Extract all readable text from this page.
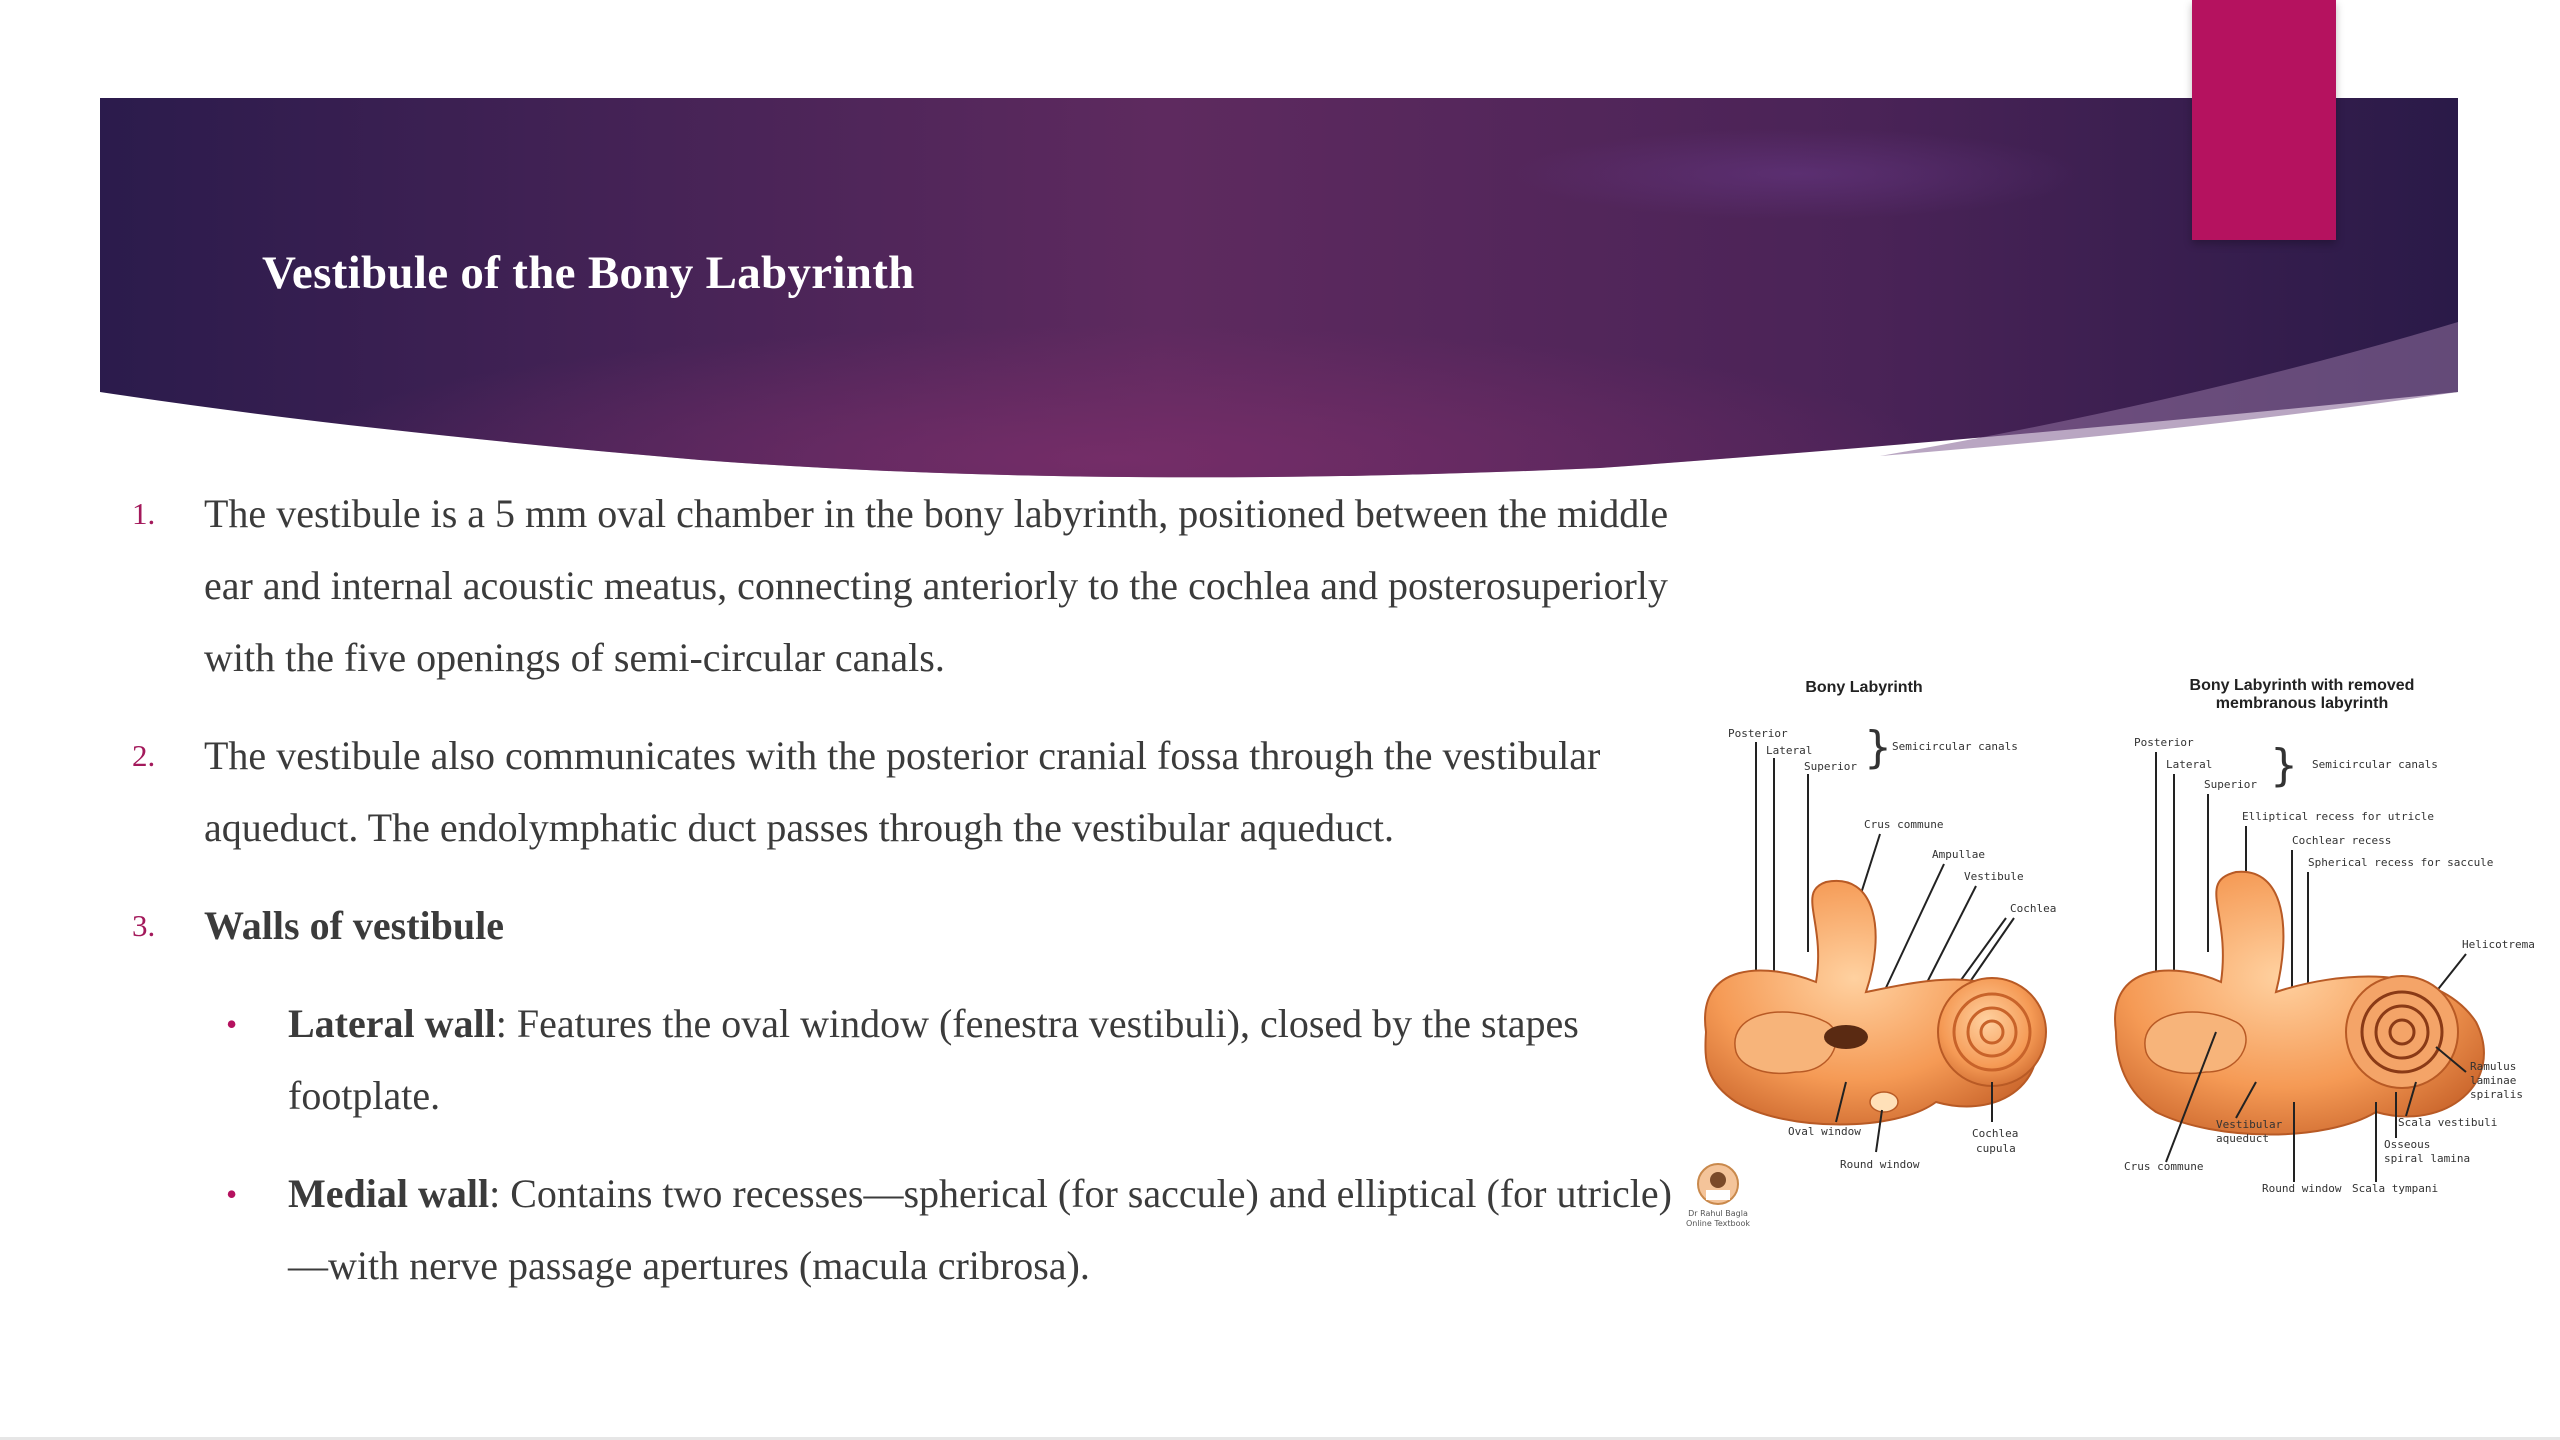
Vestibule of the Bony Labyrinth
1. The vestibule is a 5 mm oval chamber in the bony labyrinth, positioned between the middle ear and internal acoustic meatus, connecting anteriorly to the cochlea and posterosuperiorly with the five openings of semi-circular canals.
2. The vestibule also communicates with the posterior cranial fossa through the vestibular aqueduct. The endolymphatic duct passes through the vestibular aqueduct.
3. Walls of vestibule
• Lateral wall: Features the oval window (fenestra vestibuli), closed by the stapes footplate.
• Medial wall: Contains two recesses—spherical (for saccule) and elliptical (for utricle)—with nerve passage apertures (macula cribrosa).
Bony Labyrinth
Posterior
Lateral
Superior } Semicircular canals
Crus commune
Ampullae
Vestibule
Cochlea
Oval window
Round window
Cochlea
cupula
Dr Rahul Bagla
Online Textbook
Bony Labyrinth with removed
membranous labyrinth
Posterior
Lateral
Superior } Semicircular canals
Elliptical recess for utricle
Cochlear recess
Spherical recess for saccule
Helicotrema
Ramulus
laminae
spiralis
Scala vestibuli
Osseous
spiral lamina
Vestibular
aqueduct
Crus commune
Round window Scala tympani
